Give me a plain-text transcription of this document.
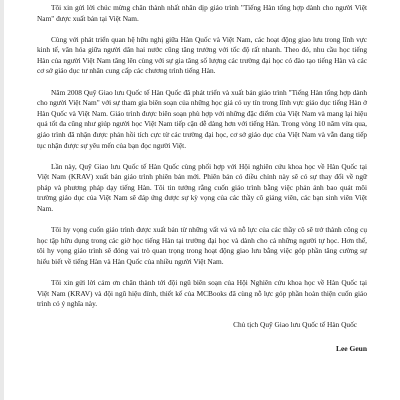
Tôi xin gửi lời chúc mừng chân thành nhất nhân dịp giáo trình "Tiếng Hàn tổng hợp dành cho người Việt Nam" được xuất bản tại Việt Nam.

Cùng với phát triển quan hệ hữu nghị giữa Hàn Quốc và Việt Nam, các hoạt động giao lưu trong lĩnh vực kinh tế, văn hóa giữa người dân hai nước cũng tăng trưởng với tốc độ rất nhanh. Theo đó, nhu cầu học tiếng Hàn của người Việt Nam tăng lên cùng với sự gia tăng số lượng các trường đại học có đào tạo tiếng Hàn và các cơ sở giáo dục tư nhân cung cấp các chương trình tiếng Hàn.

Năm 2008 Quỹ Giao lưu Quốc tế Hàn Quốc đã phát triển và xuất bản giáo trình "Tiếng Hàn tổng hợp dành cho người Việt Nam" với sự tham gia biên soạn của những học giả có uy tín trong lĩnh vực giáo dục tiếng Hàn ở Hàn Quốc và Việt Nam. Giáo trình được biên soạn phù hợp với những đặc điểm của Việt Nam và mang lại hiệu quả tốt đa cũng như giúp người học Việt Nam tiếp cận dễ dàng hơn với tiếng Hàn. Trong vòng 10 năm vừa qua, giáo trình đã nhận được phản hồi tích cực từ các trường đại học, cơ sở giáo dục của Việt Nam và vẫn đang tiếp tục nhận được sự yêu mến của bạn đọc người Việt.

Lần này, Quỹ Giao lưu Quốc tế Hàn Quốc cùng phối hợp với Hội nghiên cứu khoa học về Hàn Quốc tại Việt Nam (KRAV) xuất bản giáo trình phiên bản mới. Phiên bản có điều chỉnh này sẽ có sự thay đổi về ngữ pháp và phương pháp dạy tiếng Hàn. Tôi tin tưởng rằng cuốn giáo trình bằng việc phản ánh bao quát môi trường giáo dục của Việt Nam sẽ đáp ứng được sự kỳ vọng của các thầy cô giảng viên, các bạn sinh viên Việt Nam.

Tôi hy vọng cuốn giáo trình được xuất bản từ những vất vả và nỗ lực của các thầy cô sẽ trở thành công cụ học tập hữu dụng trong các giờ học tiếng Hàn tại trường đại học và dành cho cả những người tự học. Hơn thế, tôi hy vọng giáo trình sẽ đóng vai trò quan trọng trong hoạt động giao lưu bằng việc góp phần tăng cường sự hiểu biết về tiếng Hàn và Hàn Quốc của nhiều người Việt Nam.

Tôi xin gửi lời cảm ơn chân thành tới đội ngũ biên soạn của Hội Nghiên cứu khoa học về Hàn Quốc tại Việt Nam (KRAV) và đội ngũ hiệu đính, thiết kế của MCBooks đã cùng nỗ lực góp phần hoàn thiện cuốn giáo trình có ý nghĩa này.

Chủ tịch Quỹ Giao lưu Quốc tế Hàn Quốc

Lee Geun
